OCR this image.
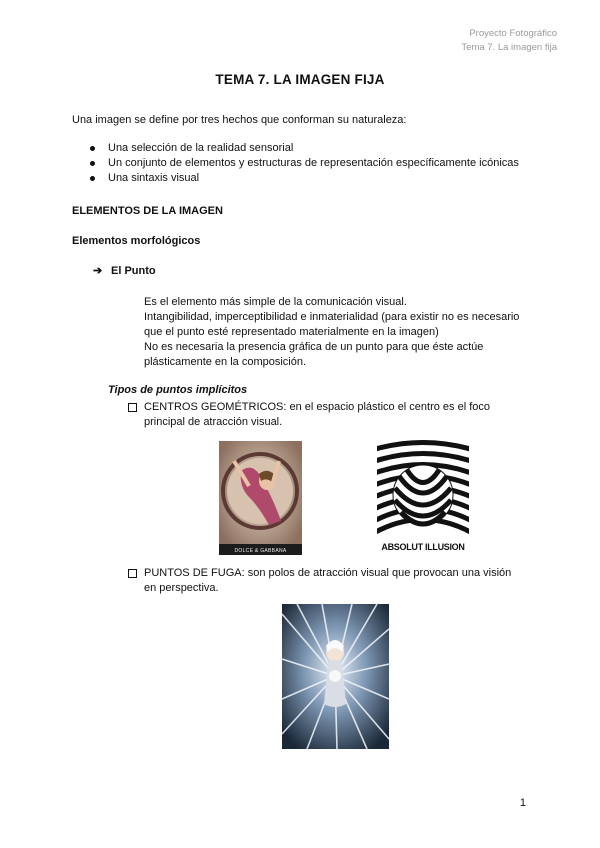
Proyecto Fotográfico
Tema 7. La imagen fija
TEMA 7. LA IMAGEN FIJA
Una imagen se define por tres hechos que conforman su naturaleza:
Una selección de la realidad sensorial
Un conjunto de elementos y estructuras de representación específicamente icónicas
Una sintaxis visual
ELEMENTOS DE LA IMAGEN
Elementos morfológicos
➔ El Punto
Es el elemento más simple de la comunicación visual.
Intangibilidad, imperceptibilidad e inmaterialidad (para existir no es necesario
que el punto esté representado materialmente en la imagen)
No es necesaria la presencia gráfica de un punto para que éste actúe
plásticamente en la composición.
Tipos de puntos implícitos
CENTROS GEOMÉTRICOS: en el espacio plástico el centro es el foco
principal de atracción visual.
DOLCE & GABBANA	ABSOLUT ILLUSION
PUNTOS DE FUGA: son polos de atracción visual que provocan una visión
en perspectiva.
1
